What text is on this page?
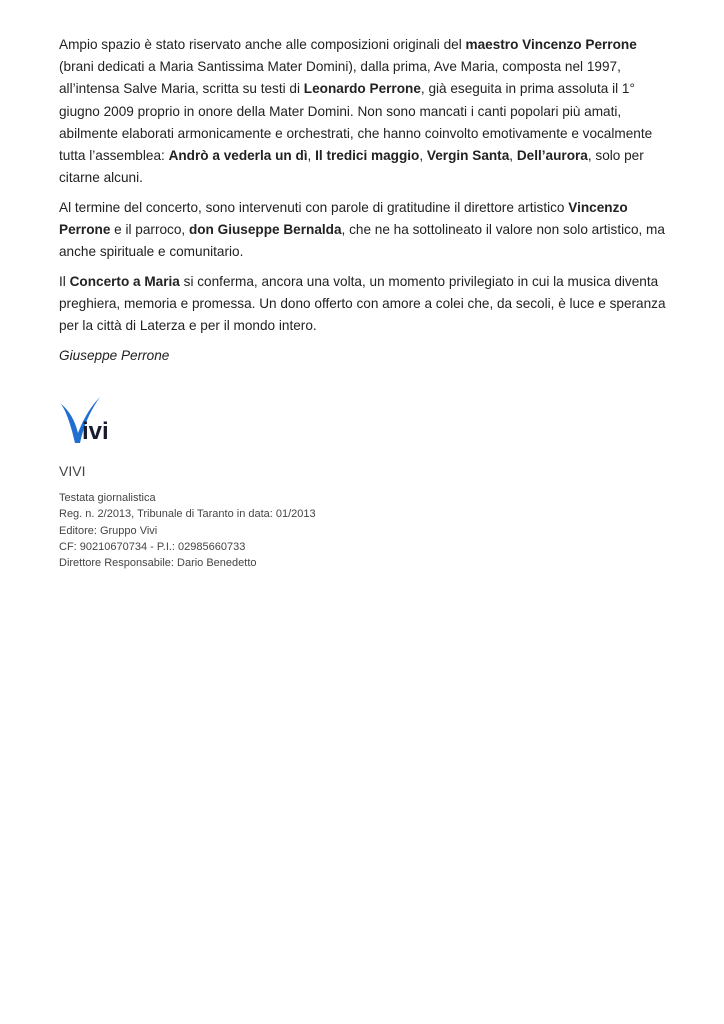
Ampio spazio è stato riservato anche alle composizioni originali del maestro Vincenzo Perrone (brani dedicati a Maria Santissima Mater Domini), dalla prima, Ave Maria, composta nel 1997, all’intensa Salve Maria, scritta su testi di Leonardo Perrone, già eseguita in prima assoluta il 1° giugno 2009 proprio in onore della Mater Domini. Non sono mancati i canti popolari più amati, abilmente elaborati armonicamente e orchestrati, che hanno coinvolto emotivamente e vocalmente tutta l’assemblea: Andrò a vederla un dì, Il tredici maggio, Vergin Santa, Dell’aurora, solo per citarne alcuni.

Al termine del concerto, sono intervenuti con parole di gratitudine il direttore artistico Vincenzo Perrone e il parroco, don Giuseppe Bernalda, che ne ha sottolineato il valore non solo artistico, ma anche spirituale e comunitario.

Il Concerto a Maria si conferma, ancora una volta, un momento privilegiato in cui la musica diventa preghiera, memoria e promessa. Un dono offerto con amore a colei che, da secoli, è luce e speranza per la città di Laterza e per il mondo intero.

Giuseppe Perrone

ivi
VIVI
Testata giornalistica
Reg. n. 2/2013, Tribunale di Taranto in data: 01/2013
Editore: Gruppo Vivi
CF: 90210670734 - P.I.: 02985660733
Direttore Responsabile: Dario Benedetto
